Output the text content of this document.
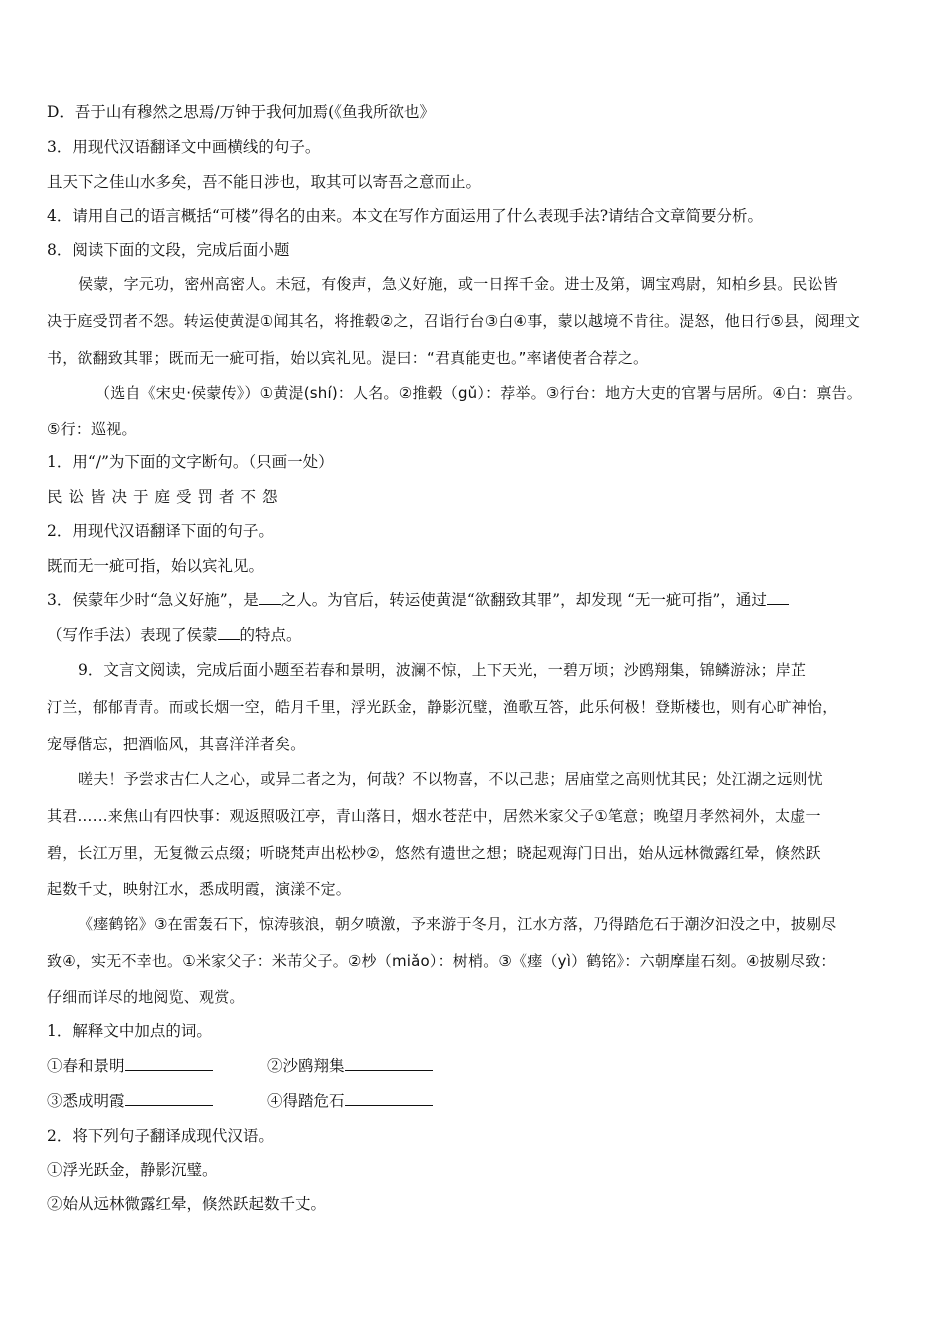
D．吾于山有穆然之思焉/万钟于我何加焉(《鱼我所欲也》
3．用现代汉语翻译文中画横线的句子。
且天下之佳山水多矣，吾不能日涉也，取其可以寄吾之意而止。
4．请用自己的语言概括“可楼”得名的由来。本文在写作方面运用了什么表现手法?请结合文章简要分析。
8．阅读下面的文段，完成后面小题
侯蒙，字元功，密州高密人。未冠，有俊声，急义好施，或一日挥千金。进士及第，调宝鸡尉，知柏乡县。民讼皆
决于庭受罚者不怨。转运使黄湜①闻其名，将推毂②之，召诣行台③白④事，蒙以越境不肯往。湜怒，他日行⑤县，阅理文
书，欲翻致其罪；既而无一疵可指，始以宾礼见。湜曰：“君真能吏也。”率诸使者合荐之。
（选自《宋史·侯蒙传》）①黄湜(shí)：人名。②推毂（gǔ）：荐举。③行台：地方大吏的官署与居所。④白：禀告。
⑤行：巡视。
1．用“/”为下面的文字断句。（只画一处）
民讼皆决于庭受罚者不怨
2．用现代汉语翻译下面的句子。
既而无一疵可指，始以宾礼见。
3．侯蒙年少时“急义好施”，是 之人。为官后，转运使黄湜“欲翻致其罪”，却发现 “无一疵可指”，通过
（写作手法）表现了侯蒙 的特点。
9．文言文阅读，完成后面小题至若春和景明，波澜不惊，上下天光，一碧万顷；沙鸥翔集，锦鳞游泳；岸芷
汀兰，郁郁青青。而或长烟一空，皓月千里，浮光跃金，静影沉璧，渔歌互答，此乐何极！登斯楼也，则有心旷神怡，
宠辱偕忘，把酒临风，其喜洋洋者矣。
嗟夫！予尝求古仁人之心，或异二者之为，何哉？不以物喜，不以己悲；居庙堂之高则忧其民；处江湖之远则忧
其君……来焦山有四快事：观返照吸江亭，青山落日，烟水苍茫中，居然米家父子①笔意；晚望月孝然祠外，太虚一
碧，长江万里，无复微云点缀；听晓梵声出松杪②，悠然有遗世之想；晓起观海门日出，始从远林微露红晕，倏然跃
起数千丈，映射江水，悉成明霞，演漾不定。
《瘗鹤铭》③在雷轰石下，惊涛骇浪，朝夕喷激，予来游于冬月，江水方落，乃得踏危石于潮汐汩没之中，披剔尽
致④，实无不幸也。①米家父子：米芾父子。②杪（miǎo）：树梢。③《瘗（yì）鹤铭》：六朝摩崖石刻。④披剔尽致：
仔细而详尽的地阅览、观赏。
1．解释文中加点的词。
①春和景明	②沙鸥翔集
③悉成明霞	④得踏危石
2．将下列句子翻译成现代汉语。
①浮光跃金，静影沉璧。
②始从远林微露红晕，倏然跃起数千丈。
